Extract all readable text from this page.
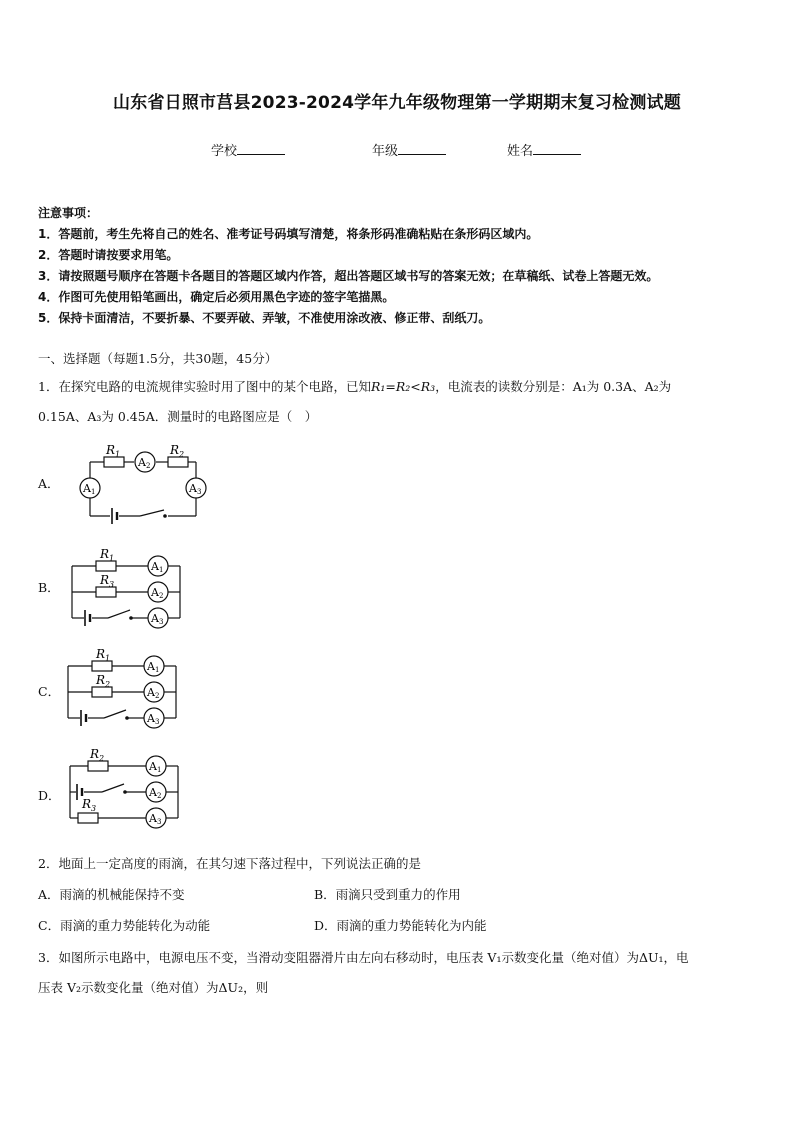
山东省日照市莒县2023-2024学年九年级物理第一学期期末复习检测试题
学校	年级	姓名
注意事项：
1．答题前，考生先将自己的姓名、准考证号码填写清楚，将条形码准确粘贴在条形码区域内。
2．答题时请按要求用笔。
3．请按照题号顺序在答题卡各题目的答题区域内作答，超出答题区域书写的答案无效；在草稿纸、试卷上答题无效。
4．作图可先使用铅笔画出，确定后必须用黑色字迹的签字笔描黑。
5．保持卡面清洁，不要折暴、不要弄破、弄皱，不准使用涂改液、修正带、刮纸刀。
一、选择题（每题1.5分，共30题，45分）
1．在探究电路的电流规律实验时用了图中的某个电路，已知R₁=R₂<R₃，电流表的读数分别是：A₁为 0.3A、A₂为
0.15A、A₃为 0.45A．测量时的电路图应是（　）
A．
B．
C．
D．
$R_1$	$R_2$
A2
A1	A3
$R_1$
$R_3$
A1
A2
A3
$R_1$
$R_2$
A1
A2
A3
$R_2$
$R_3$
A1
A2
A3
2．地面上一定高度的雨滴，在其匀速下落过程中，下列说法正确的是
A．雨滴的机械能保持不变	B．雨滴只受到重力的作用
C．雨滴的重力势能转化为动能	D．雨滴的重力势能转化为内能
3．如图所示电路中，电源电压不变，当滑动变阻器滑片由左向右移动时，电压表 V₁示数变化量（绝对值）为ΔU₁，电
压表 V₂示数变化量（绝对值）为ΔU₂，则
